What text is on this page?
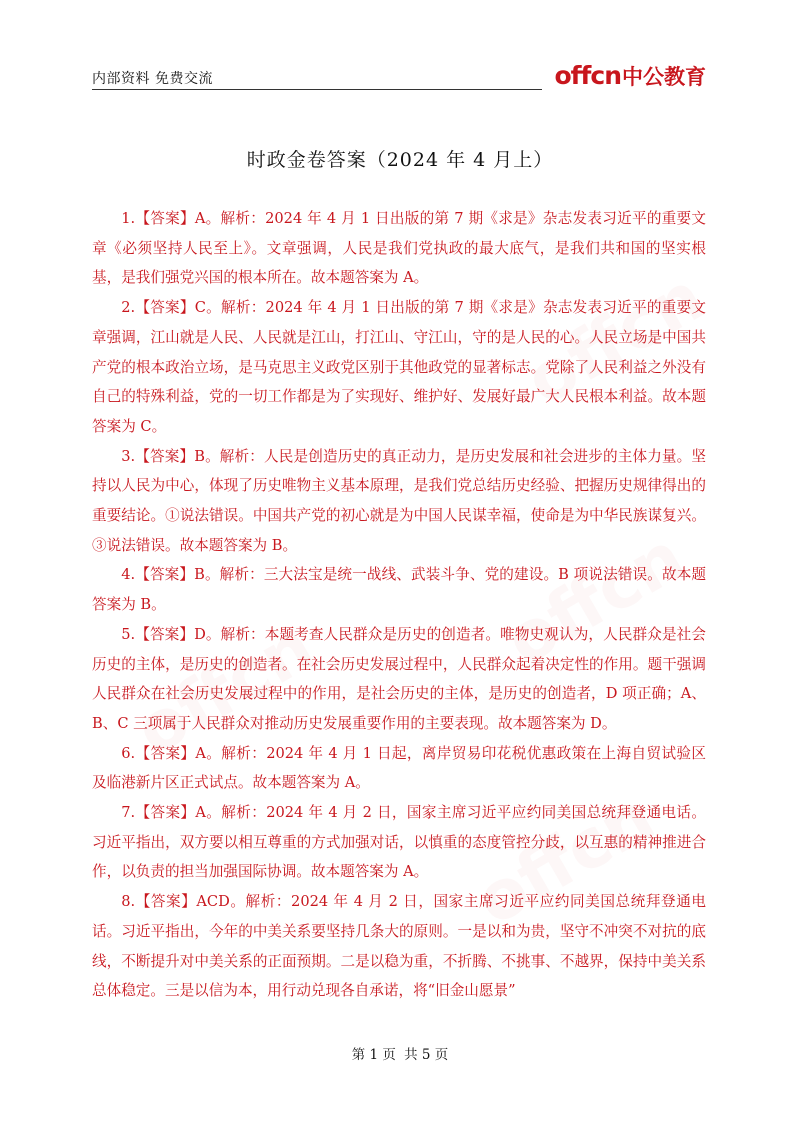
内部资料 免费交流	offcn 中公教育
时政金卷答案（2024 年 4 月上）

1.【答案】A。解析：2024 年 4 月 1 日出版的第 7 期《求是》杂志发表习近平的重要文章《必须坚持人民至上》。文章强调，人民是我们党执政的最大底气，是我们共和国的坚实根基，是我们强党兴国的根本所在。故本题答案为 A。

2.【答案】C。解析：2024 年 4 月 1 日出版的第 7 期《求是》杂志发表习近平的重要文章强调，江山就是人民、人民就是江山，打江山、守江山，守的是人民的心。人民立场是中国共产党的根本政治立场，是马克思主义政党区别于其他政党的显著标志。党除了人民利益之外没有自己的特殊利益，党的一切工作都是为了实现好、维护好、发展好最广大人民根本利益。故本题答案为 C。

3.【答案】B。解析：人民是创造历史的真正动力，是历史发展和社会进步的主体力量。坚持以人民为中心，体现了历史唯物主义基本原理，是我们党总结历史经验、把握历史规律得出的重要结论。①说法错误。中国共产党的初心就是为中国人民谋幸福，使命是为中华民族谋复兴。③说法错误。故本题答案为 B。

4.【答案】B。解析：三大法宝是统一战线、武装斗争、党的建设。B 项说法错误。故本题答案为 B。

5.【答案】D。解析：本题考查人民群众是历史的创造者。唯物史观认为，人民群众是社会历史的主体，是历史的创造者。在社会历史发展过程中，人民群众起着决定性的作用。题干强调人民群众在社会历史发展过程中的作用，是社会历史的主体，是历史的创造者，D 项正确；A、B、C 三项属于人民群众对推动历史发展重要作用的主要表现。故本题答案为 D。

6.【答案】A。解析：2024 年 4 月 1 日起，离岸贸易印花税优惠政策在上海自贸试验区及临港新片区正式试点。故本题答案为 A。

7.【答案】A。解析：2024 年 4 月 2 日，国家主席习近平应约同美国总统拜登通电话。习近平指出，双方要以相互尊重的方式加强对话，以慎重的态度管控分歧，以互惠的精神推进合作，以负责的担当加强国际协调。故本题答案为 A。

8.【答案】ACD。解析：2024 年 4 月 2 日，国家主席习近平应约同美国总统拜登通电话。习近平指出，今年的中美关系要坚持几条大的原则。一是以和为贵，坚守不冲突不对抗的底线，不断提升对中美关系的正面预期。二是以稳为重，不折腾、不挑事、不越界，保持中美关系总体稳定。三是以信为本，用行动兑现各自承诺，将“旧金山愿景”

第 1 页 共 5 页
